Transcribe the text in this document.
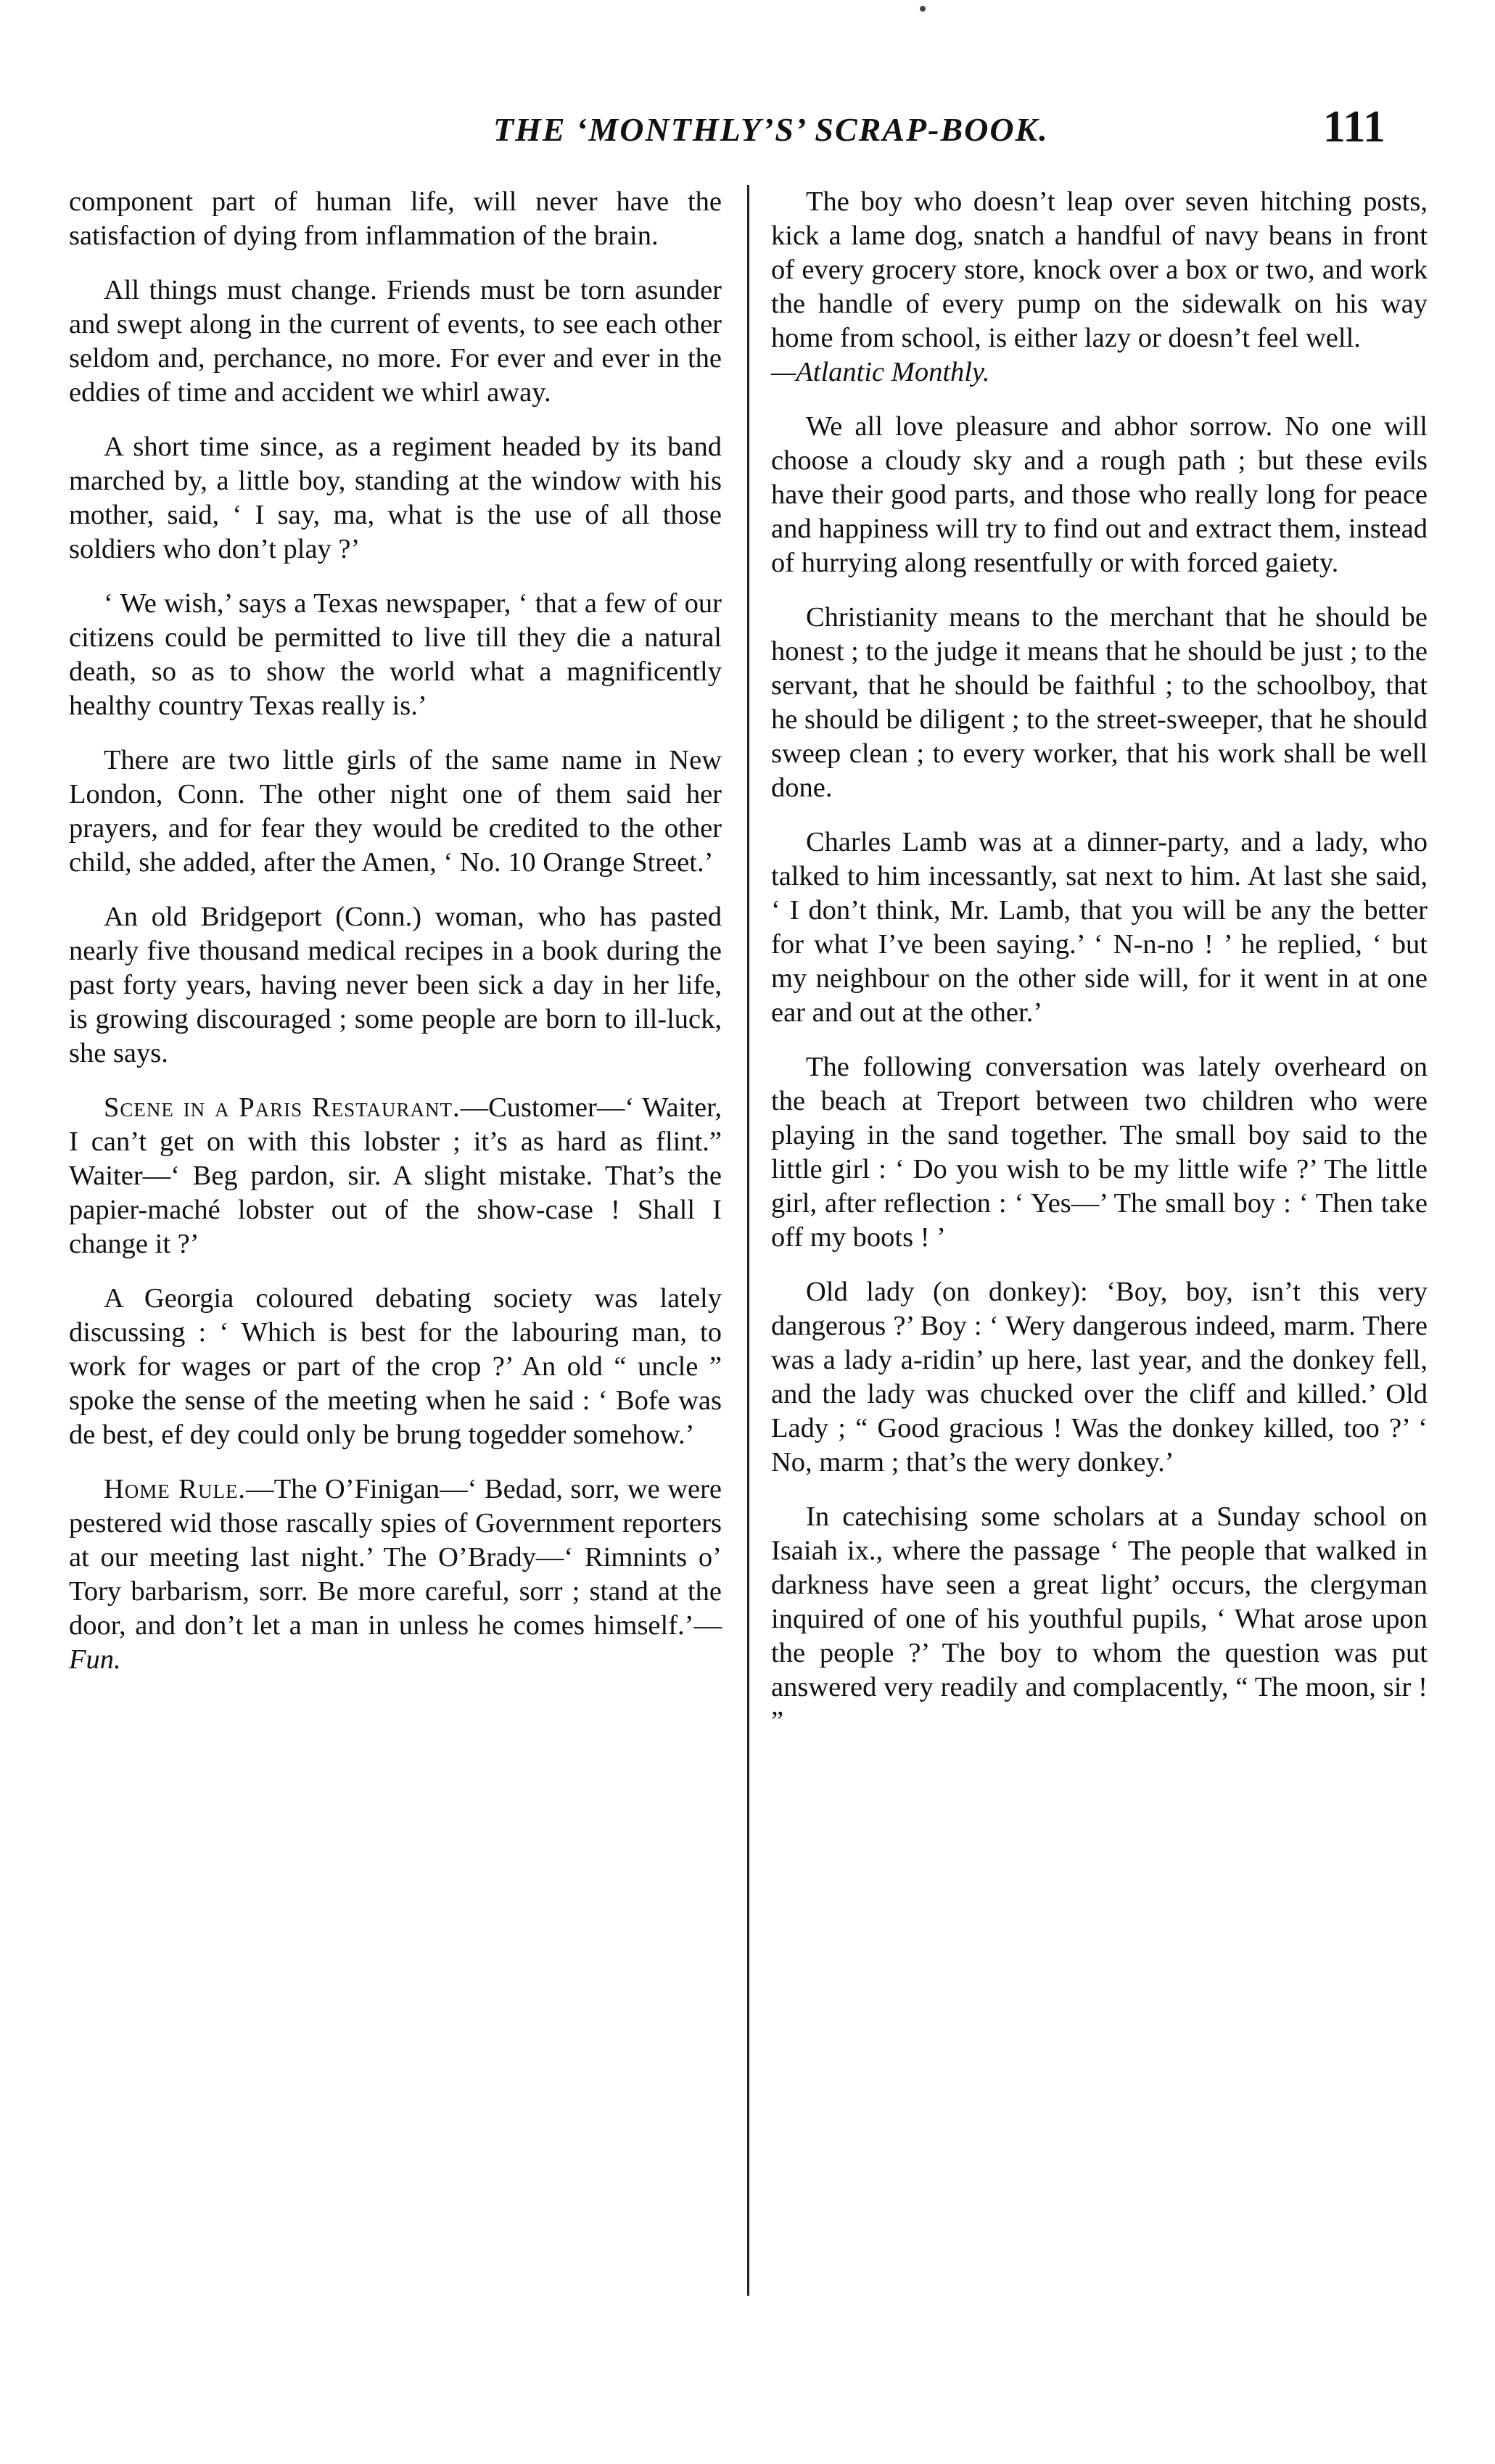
THE ‘MONTHLY’S’ SCRAP-BOOK.	111

component part of human life, will never have the satisfaction of dying from inflammation of the brain.

All things must change. Friends must be torn asunder and swept along in the current of events, to see each other seldom and, perchance, no more. For ever and ever in the eddies of time and accident we whirl away.

A short time since, as a regiment headed by its band marched by, a little boy, standing at the window with his mother, said, ‘ I say, ma, what is the use of all those soldiers who don’t play ?’

‘ We wish,’ says a Texas newspaper, ‘ that a few of our citizens could be permitted to live till they die a natural death, so as to show the world what a magnificently healthy country Texas really is.’

There are two little girls of the same name in New London, Conn. The other night one of them said her prayers, and for fear they would be credited to the other child, she added, after the Amen, ‘ No. 10 Orange Street.’

An old Bridgeport (Conn.) woman, who has pasted nearly five thousand medical recipes in a book during the past forty years, having never been sick a day in her life, is growing discouraged ; some people are born to ill-luck, she says.

Scene in a Paris Restaurant.—Customer—‘ Waiter, I can’t get on with this lobster ; it’s as hard as flint.” Waiter—‘ Beg pardon, sir. A slight mistake. That’s the papier-maché lobster out of the show-case ! Shall I change it ?’

A Georgia coloured debating society was lately discussing : ‘ Which is best for the labouring man, to work for wages or part of the crop ?’ An old “ uncle ” spoke the sense of the meeting when he said : ‘ Bofe was de best, ef dey could only be brung togedder somehow.’

Home Rule.—The O’Finigan—‘ Bedad, sorr, we were pestered wid those rascally spies of Government reporters at our meeting last night.’ The O’Brady—‘ Rimnints o’ Tory barbarism, sorr. Be more careful, sorr ; stand at the door, and don’t let a man in unless he comes himself.’—Fun.

The boy who doesn’t leap over seven hitching posts, kick a lame dog, snatch a handful of navy beans in front of every grocery store, knock over a box or two, and work the handle of every pump on the sidewalk on his way home from school, is either lazy or doesn’t feel well.
—Atlantic Monthly.

We all love pleasure and abhor sorrow. No one will choose a cloudy sky and a rough path ; but these evils have their good parts, and those who really long for peace and happiness will try to find out and extract them, instead of hurrying along resentfully or with forced gaiety.

Christianity means to the merchant that he should be honest ; to the judge it means that he should be just ; to the servant, that he should be faithful ; to the schoolboy, that he should be diligent ; to the street-sweeper, that he should sweep clean ; to every worker, that his work shall be well done.

Charles Lamb was at a dinner-party, and a lady, who talked to him incessantly, sat next to him. At last she said, ‘ I don’t think, Mr. Lamb, that you will be any the better for what I’ve been saying.’ ‘ N-n-no ! ’ he replied, ‘ but my neighbour on the other side will, for it went in at one ear and out at the other.’

The following conversation was lately overheard on the beach at Treport between two children who were playing in the sand together. The small boy said to the little girl : ‘ Do you wish to be my little wife ?’ The little girl, after reflection : ‘ Yes—’ The small boy : ‘ Then take off my boots ! ’

Old lady (on donkey): ‘Boy, boy, isn’t this very dangerous ?’ Boy : ‘ Wery dangerous indeed, marm. There was a lady a-ridin’ up here, last year, and the donkey fell, and the lady was chucked over the cliff and killed.’ Old Lady ; “ Good gracious ! Was the donkey killed, too ?’ ‘ No, marm ; that’s the wery donkey.’

In catechising some scholars at a Sunday school on Isaiah ix., where the passage ‘ The people that walked in darkness have seen a great light’ occurs, the clergyman inquired of one of his youthful pupils, ‘ What arose upon the people ?’ The boy to whom the question was put answered very readily and complacently, “ The moon, sir ! ”
